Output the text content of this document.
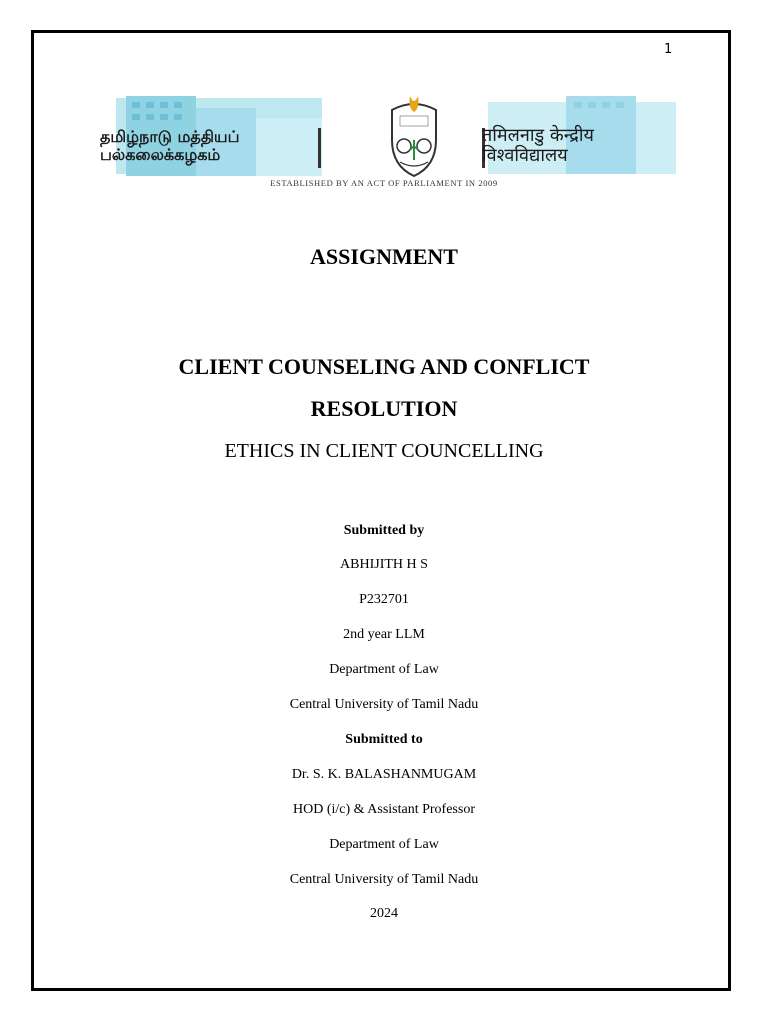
1
தமிழ்நாடு மத்தியப்
பல்கலைக்கழகம்
तमिलनाडु केन्द्रीय
विश्वविद्यालय
ESTABLISHED BY AN ACT OF PARLIAMENT IN 2009
ASSIGNMENT
CLIENT COUNSELING AND CONFLICT
RESOLUTION
ETHICS IN CLIENT COUNCELLING
Submitted by
ABHIJITH H S
P232701
2nd year LLM
Department of Law
Central University of Tamil Nadu
Submitted to
Dr. S. K. BALASHANMUGAM
HOD (i/c) & Assistant Professor
Department of Law
Central University of Tamil Nadu
2024
